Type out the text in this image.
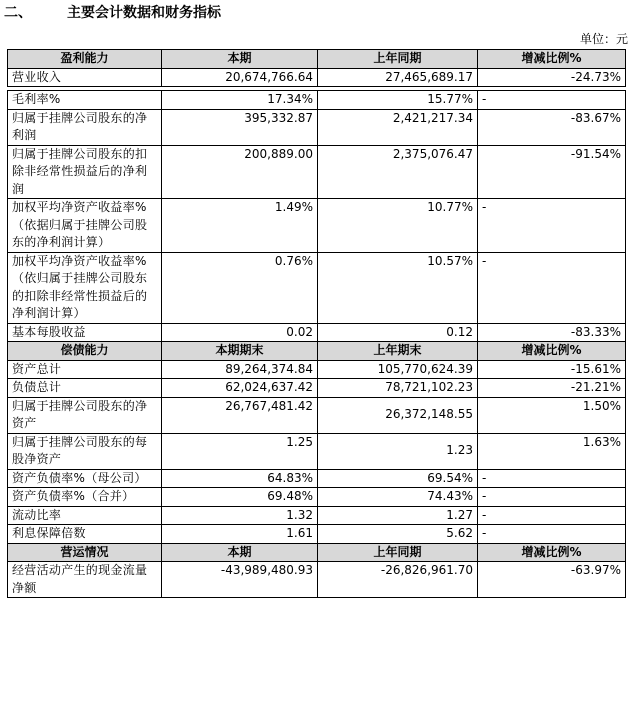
二、	主要会计数据和财务指标
单位：元
盈利能力	本期	上年同期	增减比例%
营业收入	20,674,766.64	27,465,689.17	-24.73%

毛利率%	17.34%	15.77%	-
归属于挂牌公司股东的净利润	395,332.87	2,421,217.34	-83.67%
归属于挂牌公司股东的扣除非经常性损益后的净利润	200,889.00	2,375,076.47	-91.54%
加权平均净资产收益率%（依据归属于挂牌公司股东的净利润计算）	1.49%	10.77%	-
加权平均净资产收益率%（依归属于挂牌公司股东的扣除非经常性损益后的净利润计算）	0.76%	10.57%	-
基本每股收益	0.02	0.12	-83.33%
偿债能力	本期期末	上年期末	增减比例%
资产总计	89,264,374.84	105,770,624.39	-15.61%
负债总计	62,024,637.42	78,721,102.23	-21.21%
归属于挂牌公司股东的净资产	26,767,481.42	26,372,148.55	1.50%
归属于挂牌公司股东的每股净资产	1.25	1.23	1.63%
资产负债率%（母公司）	64.83%	69.54%	-
资产负债率%（合并）	69.48%	74.43%	-
流动比率	1.32	1.27	-
利息保障倍数	1.61	5.62	-
营运情况	本期	上年同期	增减比例%
经营活动产生的现金流量净额	-43,989,480.93	-26,826,961.70	-63.97%
